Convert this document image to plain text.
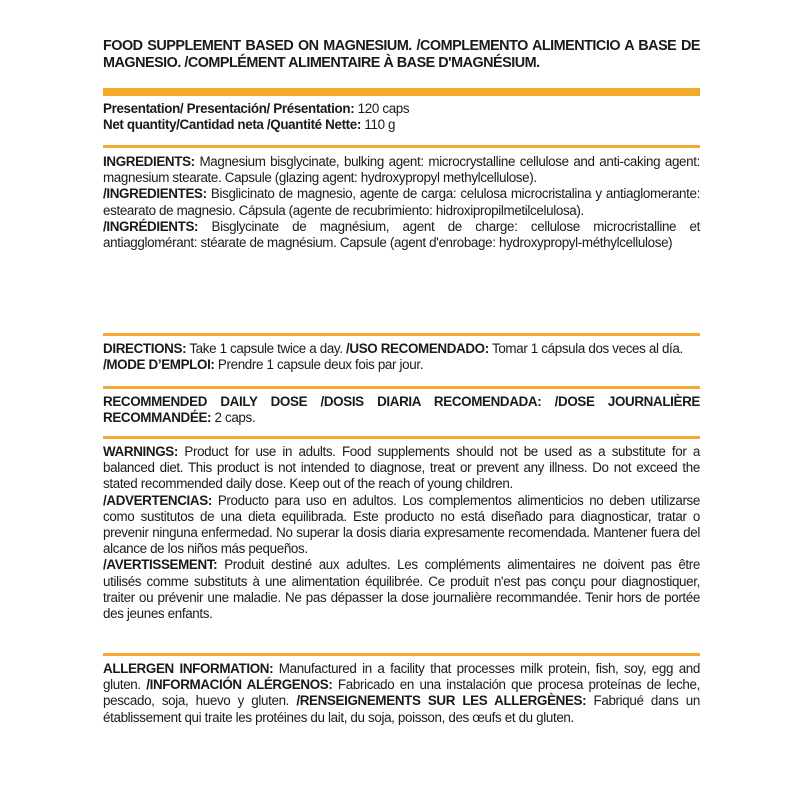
FOOD SUPPLEMENT BASED ON MAGNESIUM. /COMPLEMENTO ALIMENTICIO A BASE DE MAGNESIO. /COMPLÉMENT ALIMENTAIRE À BASE D'MAGNÉSIUM.
Presentation/ Presentación/ Présentation: 120 caps
Net quantity/Cantidad neta /Quantité Nette: 110 g
INGREDIENTS: Magnesium bisglycinate, bulking agent: microcrystalline cellulose and anti-caking agent: magnesium stearate. Capsule (glazing agent: hydroxypropyl methylcellulose).
/INGREDIENTES: Bisglicinato de magnesio, agente de carga: celulosa microcristalina y antiaglomerante: estearato de magnesio. Cápsula (agente de recubrimiento: hidroxipropilmetilcelulosa).
/INGRÉDIENTS: Bisglycinate de magnésium, agent de charge: cellulose microcristalline et antiagglomérant: stéarate de magnésium. Capsule (agent d'enrobage: hydroxypropyl-méthylcellulose)
DIRECTIONS: Take 1 capsule twice a day. /USO RECOMENDADO: Tomar 1 cápsula dos veces al día. /MODE D’EMPLOI: Prendre 1 capsule deux fois par jour.
RECOMMENDED DAILY DOSE /DOSIS DIARIA RECOMENDADA: /DOSE JOURNALIÈRE RECOMMANDÉE: 2 caps.
WARNINGS: Product for use in adults. Food supplements should not be used as a substitute for a balanced diet. This product is not intended to diagnose, treat or prevent any illness. Do not exceed the stated recommended daily dose. Keep out of the reach of young children.
/ADVERTENCIAS: Producto para uso en adultos. Los complementos alimenticios no deben utilizarse como sustitutos de una dieta equilibrada. Este producto no está diseñado para diagnosticar, tratar o prevenir ninguna enfermedad. No superar la dosis diaria expresamente recomendada. Mantener fuera del alcance de los niños más pequeños.
/AVERTISSEMENT: Produit destiné aux adultes. Les compléments alimentaires ne doivent pas être utilisés comme substituts à une alimentation équilibrée. Ce produit n'est pas conçu pour diagnostiquer, traiter ou prévenir une maladie. Ne pas dépasser la dose journalière recommandée. Tenir hors de portée des jeunes enfants.
ALLERGEN INFORMATION: Manufactured in a facility that processes milk protein, fish, soy, egg and gluten. /INFORMACIÓN ALÉRGENOS: Fabricado en una instalación que procesa proteínas de leche, pescado, soja, huevo y gluten. /RENSEIGNEMENTS SUR LES ALLERGÈNES: Fabriqué dans un établissement qui traite les protéines du lait, du soja, poisson, des œufs et du gluten.
